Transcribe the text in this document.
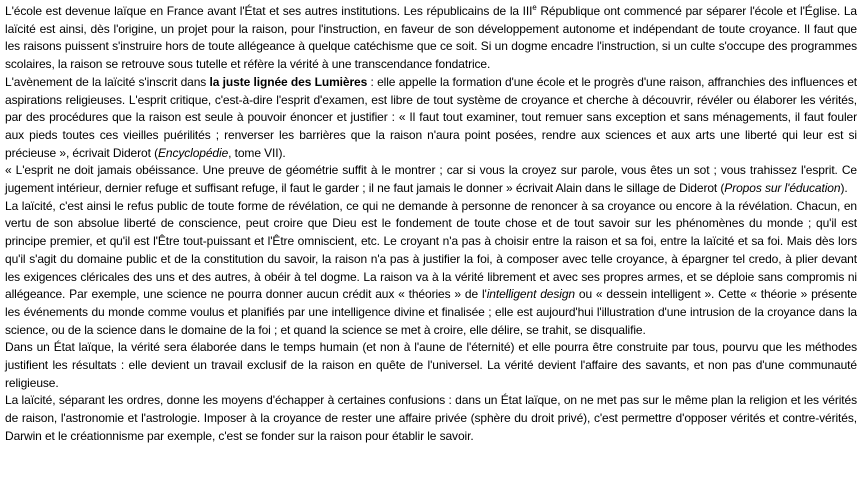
L'école est devenue laïque en France avant l'État et ses autres institutions. Les républicains de la IIIe République ont commencé par séparer l'école et l'Église. La laïcité est ainsi, dès l'origine, un projet pour la raison, pour l'instruction, en faveur de son développement autonome et indépendant de toute croyance. Il faut que les raisons puissent s'instruire hors de toute allégeance à quelque catéchisme que ce soit. Si un dogme encadre l'instruction, si un culte s'occupe des programmes scolaires, la raison se retrouve sous tutelle et réfère la vérité à une transcendance fondatrice.

L'avènement de la laïcité s'inscrit dans la juste lignée des Lumières : elle appelle la formation d'une école et le progrès d'une raison, affranchies des influences et aspirations religieuses. L'esprit critique, c'est-à-dire l'esprit d'examen, est libre de tout système de croyance et cherche à découvrir, révéler ou élaborer les vérités, par des procédures que la raison est seule à pouvoir énoncer et justifier : « Il faut tout examiner, tout remuer sans exception et sans ménagements, il faut fouler aux pieds toutes ces vieilles puérilités ; renverser les barrières que la raison n'aura point posées, rendre aux sciences et aux arts une liberté qui leur est si précieuse », écrivait Diderot (Encyclopédie, tome VII).

« L'esprit ne doit jamais obéissance. Une preuve de géométrie suffit à le montrer ; car si vous la croyez sur parole, vous êtes un sot ; vous trahissez l'esprit. Ce jugement intérieur, dernier refuge et suffisant refuge, il faut le garder ; il ne faut jamais le donner » écrivait Alain dans le sillage de Diderot (Propos sur l'éducation).

La laïcité, c'est ainsi le refus public de toute forme de révélation, ce qui ne demande à personne de renoncer à sa croyance ou encore à la révélation. Chacun, en vertu de son absolue liberté de conscience, peut croire que Dieu est le fondement de toute chose et de tout savoir sur les phénomènes du monde ; qu'il est principe premier, et qu'il est l'Être tout-puissant et l'Être omniscient, etc. Le croyant n'a pas à choisir entre la raison et sa foi, entre la laïcité et sa foi. Mais dès lors qu'il s'agit du domaine public et de la constitution du savoir, la raison n'a pas à justifier la foi, à composer avec telle croyance, à épargner tel credo, à plier devant les exigences cléricales des uns et des autres, à obéir à tel dogme. La raison va à la vérité librement et avec ses propres armes, et se déploie sans compromis ni allégeance. Par exemple, une science ne pourra donner aucun crédit aux « théories » de l'intelligent design ou « dessein intelligent ». Cette « théorie » présente les événements du monde comme voulus et planifiés par une intelligence divine et finalisée ; elle est aujourd'hui l'illustration d'une intrusion de la croyance dans la science, ou de la science dans le domaine de la foi ; et quand la science se met à croire, elle délire, se trahit, se disqualifie.

Dans un État laïque, la vérité sera élaborée dans le temps humain (et non à l'aune de l'éternité) et elle pourra être construite par tous, pourvu que les méthodes justifient les résultats : elle devient un travail exclusif de la raison en quête de l'universel. La vérité devient l'affaire des savants, et non pas d'une communauté religieuse.

La laïcité, séparant les ordres, donne les moyens d'échapper à certaines confusions : dans un État laïque, on ne met pas sur le même plan la religion et les vérités de raison, l'astronomie et l'astrologie. Imposer à la croyance de rester une affaire privée (sphère du droit privé), c'est permettre d'opposer vérités et contre-vérités, Darwin et le créationnisme par exemple, c'est se fonder sur la raison pour établir le savoir.
